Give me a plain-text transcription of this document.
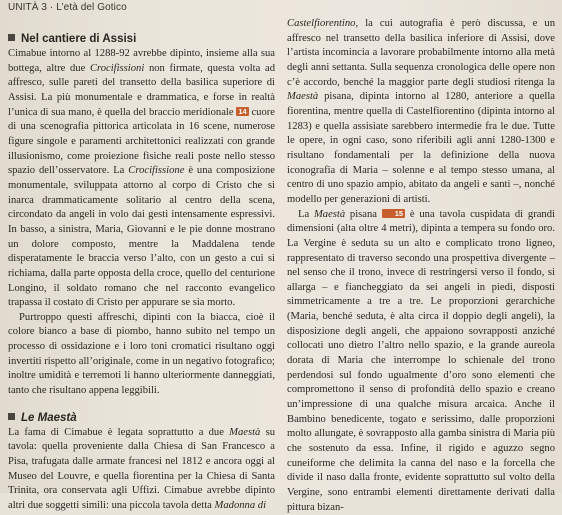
UNITÀ 3 · L’età del Gotico
Nel cantiere di Assisi

Cimabue intorno al 1288-92 avrebbe dipinto, insieme alla sua bottega, altre due Crocifissioni non firmate, questa volta ad affresco, sulle pareti del transetto della basilica superiore di Assisi. La più monumentale e drammatica, e forse in realtà l’unica di sua mano, è quella del braccio meridionale 14 cuore di una scenografia pittorica articolata in 16 scene, numerose figure singole e paramenti architettonici realizzati con grande illusionismo, come proiezione fisiche reali poste nello stesso spazio dell’osservatore. La Crocifissione è una composizione monumentale, sviluppata attorno al corpo di Cristo che si inarca drammaticamente solitario al centro della scena, circondato da angeli in volo dai gesti intensamente espressivi. In basso, a sinistra, Maria, Giovanni e le pie donne mostrano un dolore composto, mentre la Maddalena tende disperatamente le braccia verso l’alto, con un gesto a cui si richiama, dalla parte opposta della croce, quello del centurione Longino, il soldato romano che nel racconto evangelico trapassa il costato di Cristo per appurare se sia morto.

Purtroppo questi affreschi, dipinti con la biacca, cioè il colore bianco a base di piombo, hanno subito nel tempo un processo di ossidazione e i loro toni cromatici risultano oggi invertiti rispetto all’originale, come in un negativo fotografico; inoltre umidità e terremoti li hanno ulteriormente danneggiati, tanto che risultano appena leggibili.

Le Maestà

La fama di Cimabue è legata soprattutto a due Maestà su tavola: quella proveniente dalla Chiesa di San Francesco a Pisa, trafugata dalle armate francesi nel 1812 e ancora oggi al Museo del Louvre, e quella fiorentina per la Chiesa di Santa Trinita, ora conservata agli Uffizi. Cimabue avrebbe dipinto altri due soggetti simili: una piccola tavola detta Madonna di

Castelfiorentino, la cui autografia è però discussa, e un affresco nel transetto della basilica inferiore di Assisi, dove l’artista incomincia a lavorare probabilmente intorno alla metà degli anni settanta. Sulla sequenza cronologica delle opere non c’è accordo, benché la maggior parte degli studiosi ritenga la Maestà pisana, dipinta intorno al 1280, anteriore a quella fiorentina, mentre quella di Castelfiorentino (dipinta intorno al 1283) e quella assisiate sarebbero intermedie fra le due. Tutte le opere, in ogni caso, sono riferibili agli anni 1280-1300 e risultano fondamentali per la definizione della nuova iconografia di Maria – solenne e al tempo stesso umana, al centro di uno spazio ampio, abitato da angeli e santi –, nonché modello per generazioni di artisti.

La Maestà pisana 15 è una tavola cuspidata di grandi dimensioni (alta oltre 4 metri), dipinta a tempera su fondo oro. La Vergine è seduta su un alto e complicato trono ligneo, rappresentato di traverso secondo una prospettiva divergente – nel senso che il trono, invece di restringersi verso il fondo, si allarga – e fiancheggiato da sei angeli in piedi, disposti simmetricamente a tre a tre. Le proporzioni gerarchiche (Maria, benché seduta, è alta circa il doppio degli angeli), la disposizione degli angeli, che appaiono sovrapposti anziché collocati uno dietro l’altro nello spazio, e la grande aureola dorata di Maria che interrompe lo schienale del trono perdendosi sul fondo ugualmente d’oro sono elementi che compromettono il senso di profondità dello spazio e creano un’impressione di una qualche misura arcaica. Anche il Bambino benedicente, togato e serissimo, dalle proporzioni molto allungate, è sovrapposto alla gamba sinistra di Maria più che sostenuto da essa. Infine, il rigido e aguzzo segno cuneiforme che delimita la canna del naso e la forcella che divide il naso dalla fronte, evidente soprattutto sul volto della Vergine, sono entrambi elementi direttamente derivati dalla pittura bizan-
